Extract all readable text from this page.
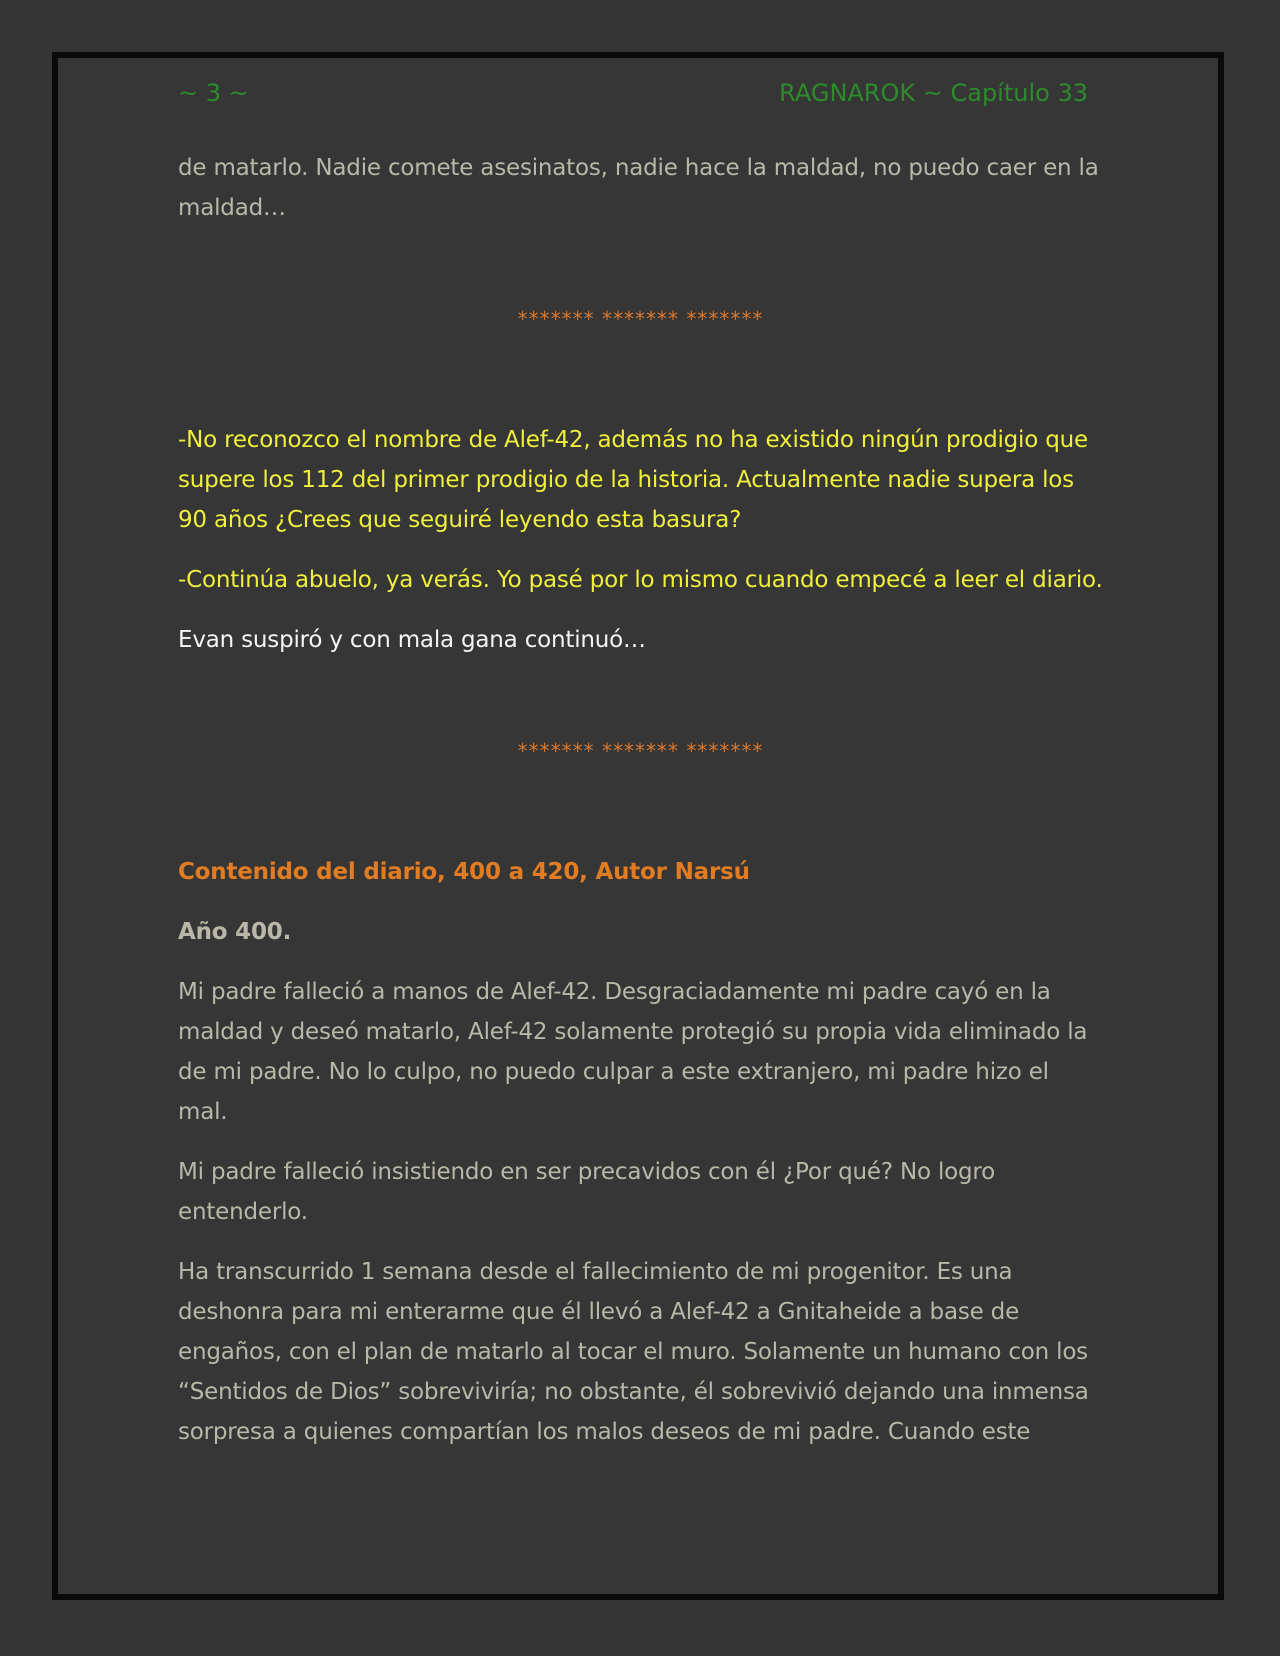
~ 3 ~	RAGNAROK ~ Capítulo 33

de matarlo. Nadie comete asesinatos, nadie hace la maldad, no puedo caer en la maldad…

******* ******* *******

-No reconozco el nombre de Alef-42, además no ha existido ningún prodigio que supere los 112 del primer prodigio de la historia. Actualmente nadie supera los 90 años ¿Crees que seguiré leyendo esta basura?

-Continúa abuelo, ya verás. Yo pasé por lo mismo cuando empecé a leer el diario.

Evan suspiró y con mala gana continuó…

******* ******* *******

Contenido del diario, 400 a 420, Autor Narsú

Año 400.

Mi padre falleció a manos de Alef-42. Desgraciadamente mi padre cayó en la maldad y deseó matarlo, Alef-42 solamente protegió su propia vida eliminado la de mi padre. No lo culpo, no puedo culpar a este extranjero, mi padre hizo el mal.

Mi padre falleció insistiendo en ser precavidos con él ¿Por qué? No logro entenderlo.

Ha transcurrido 1 semana desde el fallecimiento de mi progenitor. Es una deshonra para mi enterarme que él llevó a Alef-42 a Gnitaheide a base de engaños, con el plan de matarlo al tocar el muro. Solamente un humano con los “Sentidos de Dios” sobreviviría; no obstante, él sobrevivió dejando una inmensa sorpresa a quienes compartían los malos deseos de mi padre. Cuando este
